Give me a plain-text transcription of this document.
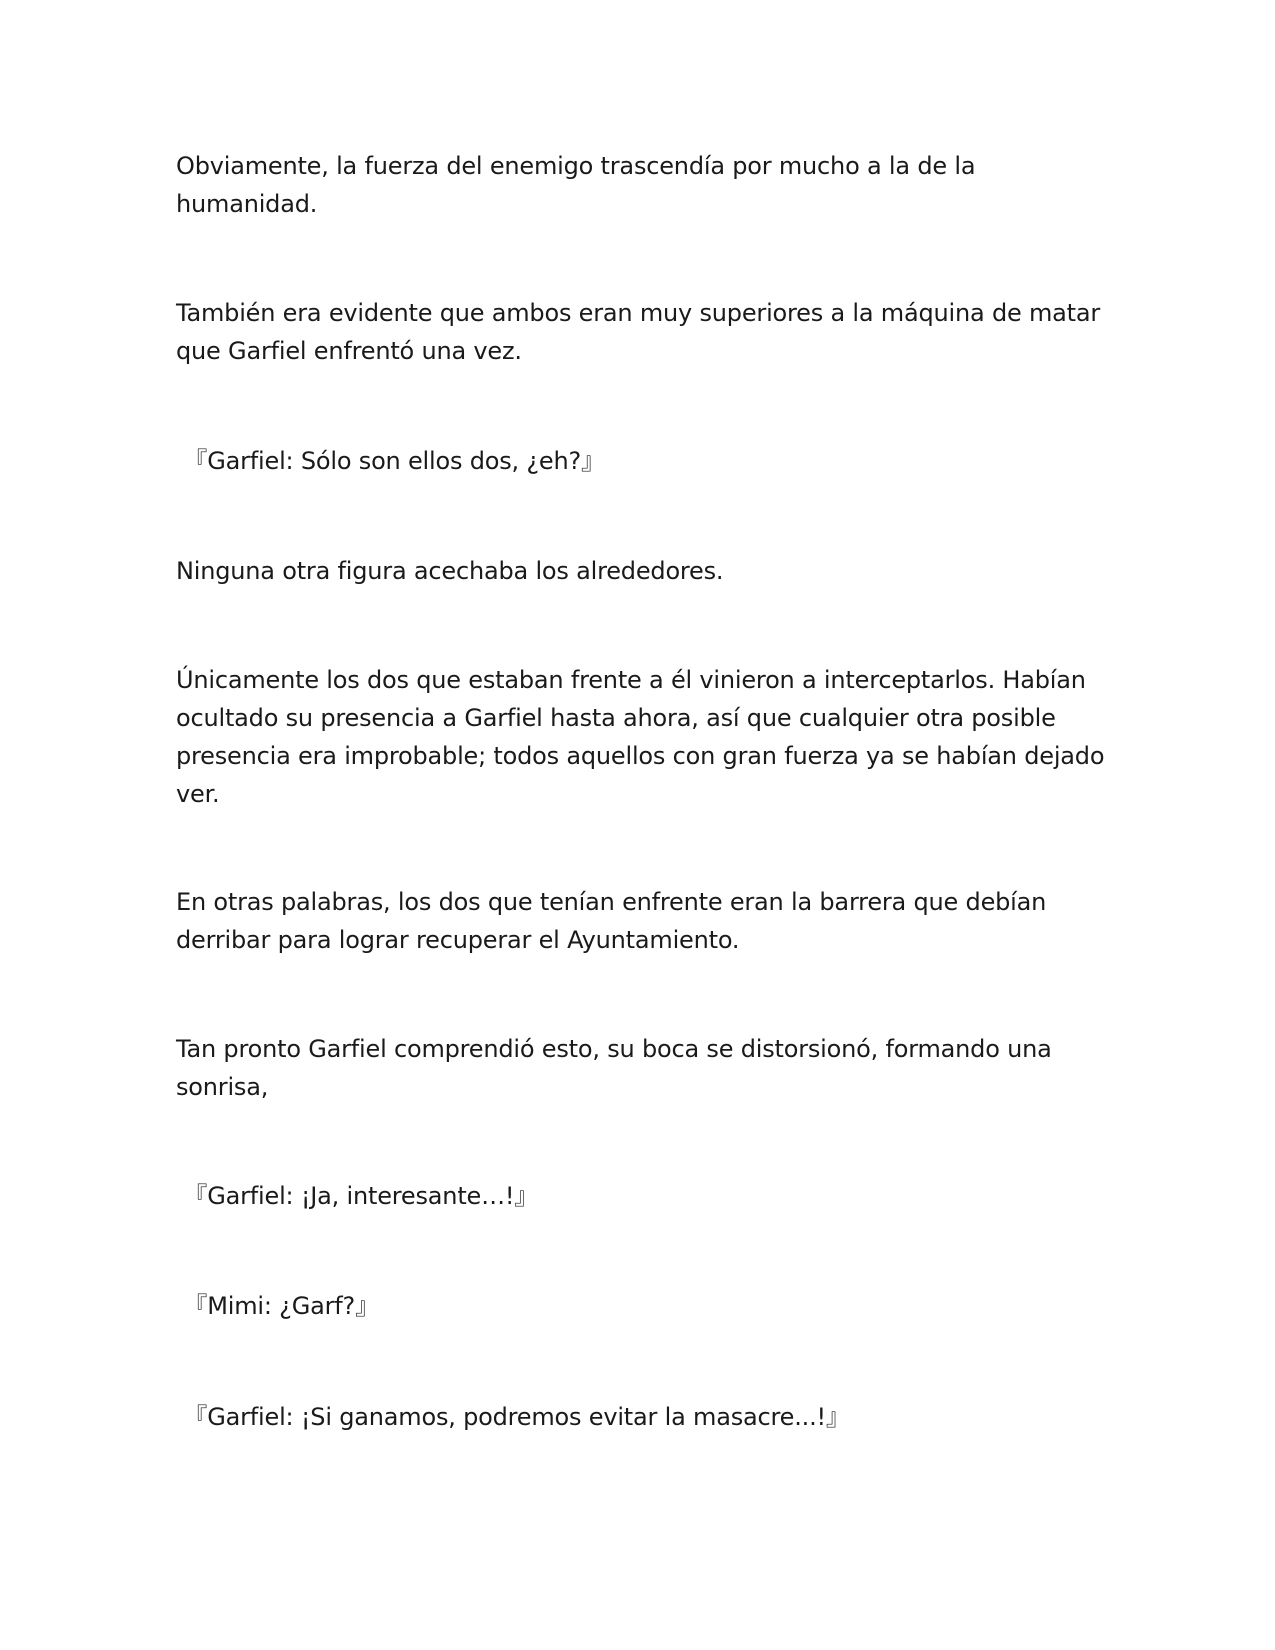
Obviamente, la fuerza del enemigo trascendía por mucho a la de la humanidad.

También era evidente que ambos eran muy superiores a la máquina de matar que Garfiel enfrentó una vez.

『Garfiel: Sólo son ellos dos, ¿eh?』

Ninguna otra figura acechaba los alrededores.

Únicamente los dos que estaban frente a él vinieron a interceptarlos. Habían ocultado su presencia a Garfiel hasta ahora, así que cualquier otra posible presencia era improbable; todos aquellos con gran fuerza ya se habían dejado ver.

En otras palabras, los dos que tenían enfrente eran la barrera que debían derribar para lograr recuperar el Ayuntamiento.

Tan pronto Garfiel comprendió esto, su boca se distorsionó, formando una sonrisa,

『Garfiel: ¡Ja, interesante…!』

『Mimi: ¿Garf?』

『Garfiel: ¡Si ganamos, podremos evitar la masacre...!』
